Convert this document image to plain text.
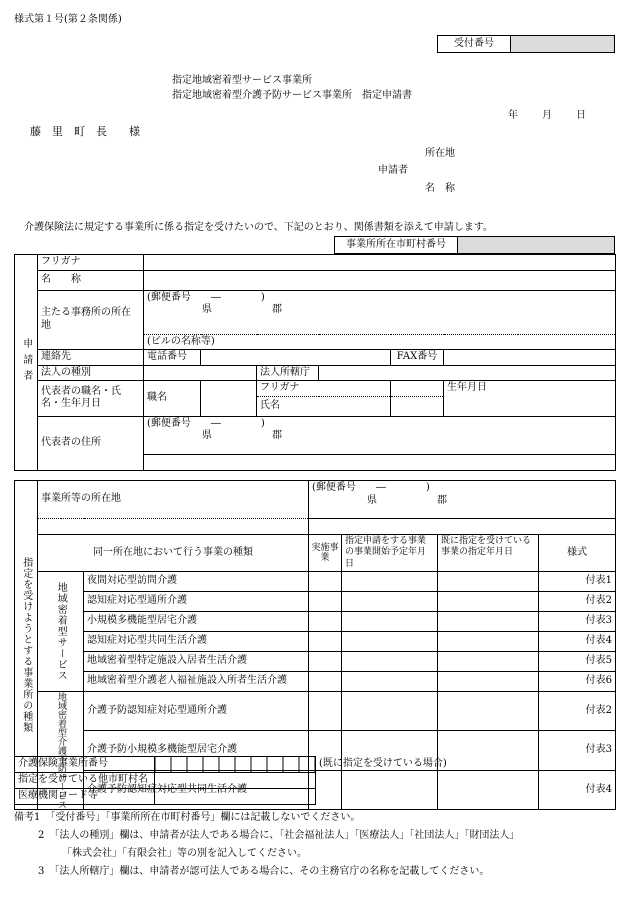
様式第１号(第２条関係)
受付番号	
指定地域密着型サービス事業所
指定地域密着型介護予防サービス事業所　指定申請書
年 月 日
藤　里　町　長　　様
所在地
申請者
名　称
介護保険法に規定する事業所に係る指定を受けたいので、下記のとおり、関係書類を添えて申請します。
事業所所在市町村番号	
申請者	フリガナ						
	名　　称						
	主たる事務所の所在地	(郵便番号　　―　　　　)
県 郡					

		(ビルの名称等)					
	連絡先	電話番号				FAX番号	
	法人の種別			法人所轄庁			
	代表者の職名・氏名・生年月日	職名		フリガナ			生年月日
				氏名			
	代表者の住所	(郵便番号　　―　　　　)
県 郡					

指定を受けようとする事業所の種類	事業所等の所在地		(郵便番号　　―　　　　)
県 郡			

	同一所在地において行う事業の種類		実施事業	指定申請をする事業の事業開始予定年月日	既に指定を受けている事業の指定年月日	様式
	地域密着型サービス	夜間対応型訪問介護				付表1
		認知症対応型通所介護				付表2
		小規模多機能型居宅介護				付表3
		認知症対応型共同生活介護				付表4
		地域密着型特定施設入居者生活介護				付表5
		地域密着型介護老人福祉施設入所者生活介護				付表6
	地域密着型介護予防サービス	介護予防認知症対応型通所介護				付表2
		介護予防小規模多機能型居宅介護				付表3
		介護予防認知症対応型共同生活介護				付表4
介護保険事業所番号		(既に指定を受けている場合)
指定を受けている他市町村名		
医療機関コード等		
備考1　「受付番号」「事業所所在市町村番号」欄には記載しないでください。
2　「法人の種別」欄は、申請者が法人である場合に、「社会福祉法人」「医療法人」「社団法人」「財団法人」
「株式会社」「有限会社」等の別を記入してください。
3　「法人所轄庁」欄は、申請者が認可法人である場合に、その主務官庁の名称を記載してください。
